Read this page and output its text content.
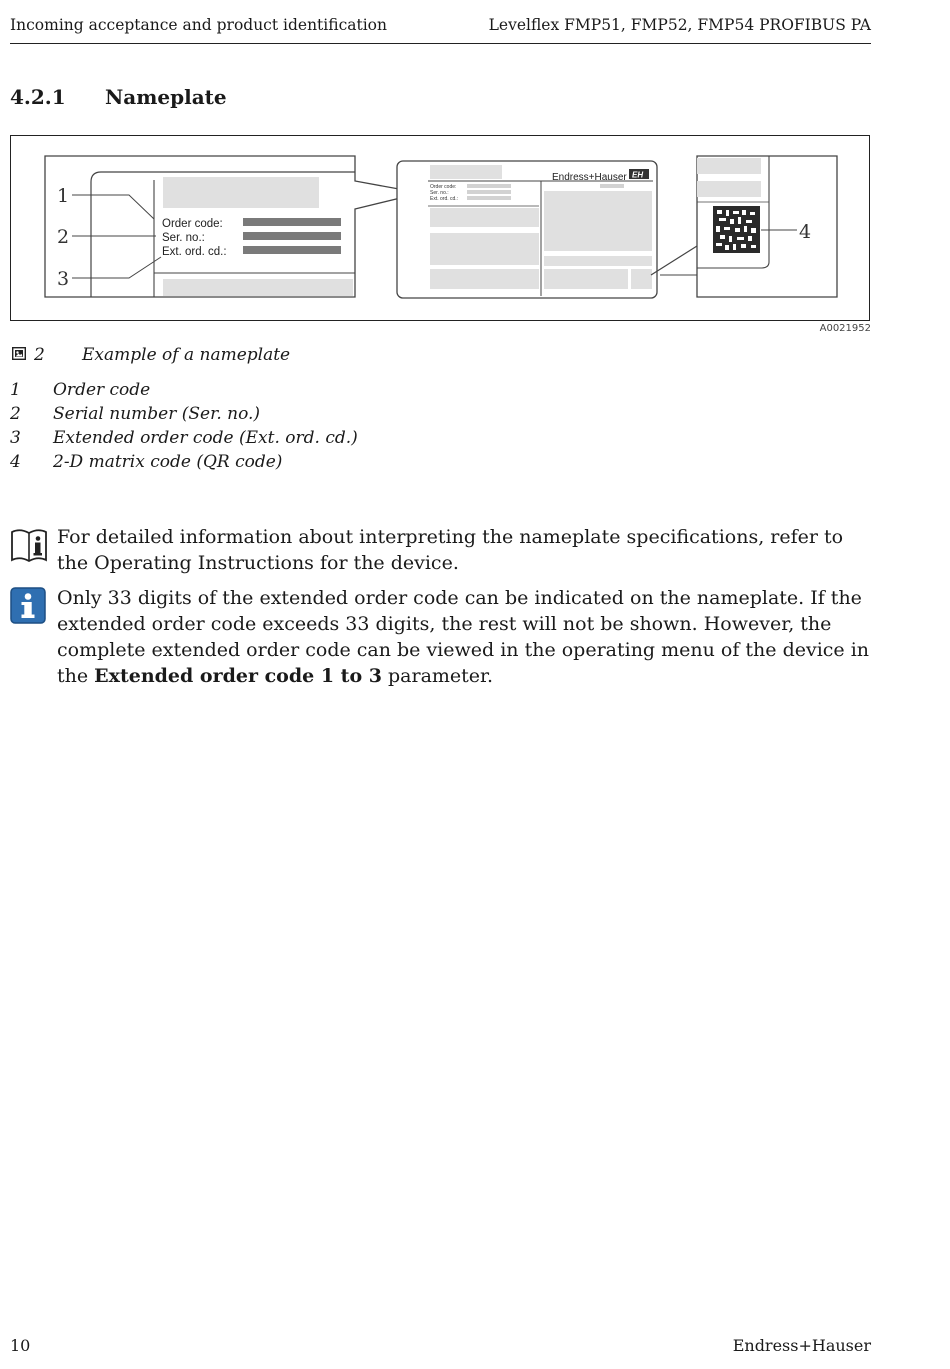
Incoming acceptance and product identification	Levelflex FMP51, FMP52, FMP54 PROFIBUS PA
4.2.1 Nameplate
Order code:
Ser. no.:
Ext. ord. cd.:
Endress+Hauser EH
Order code:
Ser. no.:
Ext. ord. cd.:
1
2
3
4
A0021952
2 Example of a nameplate
1 Order code
2 Serial number (Ser. no.)
3 Extended order code (Ext. ord. cd.)
4 2-D matrix code (QR code)
For detailed information about interpreting the nameplate specifications, refer to the Operating Instructions for the device.
Only 33 digits of the extended order code can be indicated on the nameplate. If the extended order code exceeds 33 digits, the rest will not be shown. However, the complete extended order code can be viewed in the operating menu of the device in the Extended order code 1 to 3 parameter.
10	Endress+Hauser
